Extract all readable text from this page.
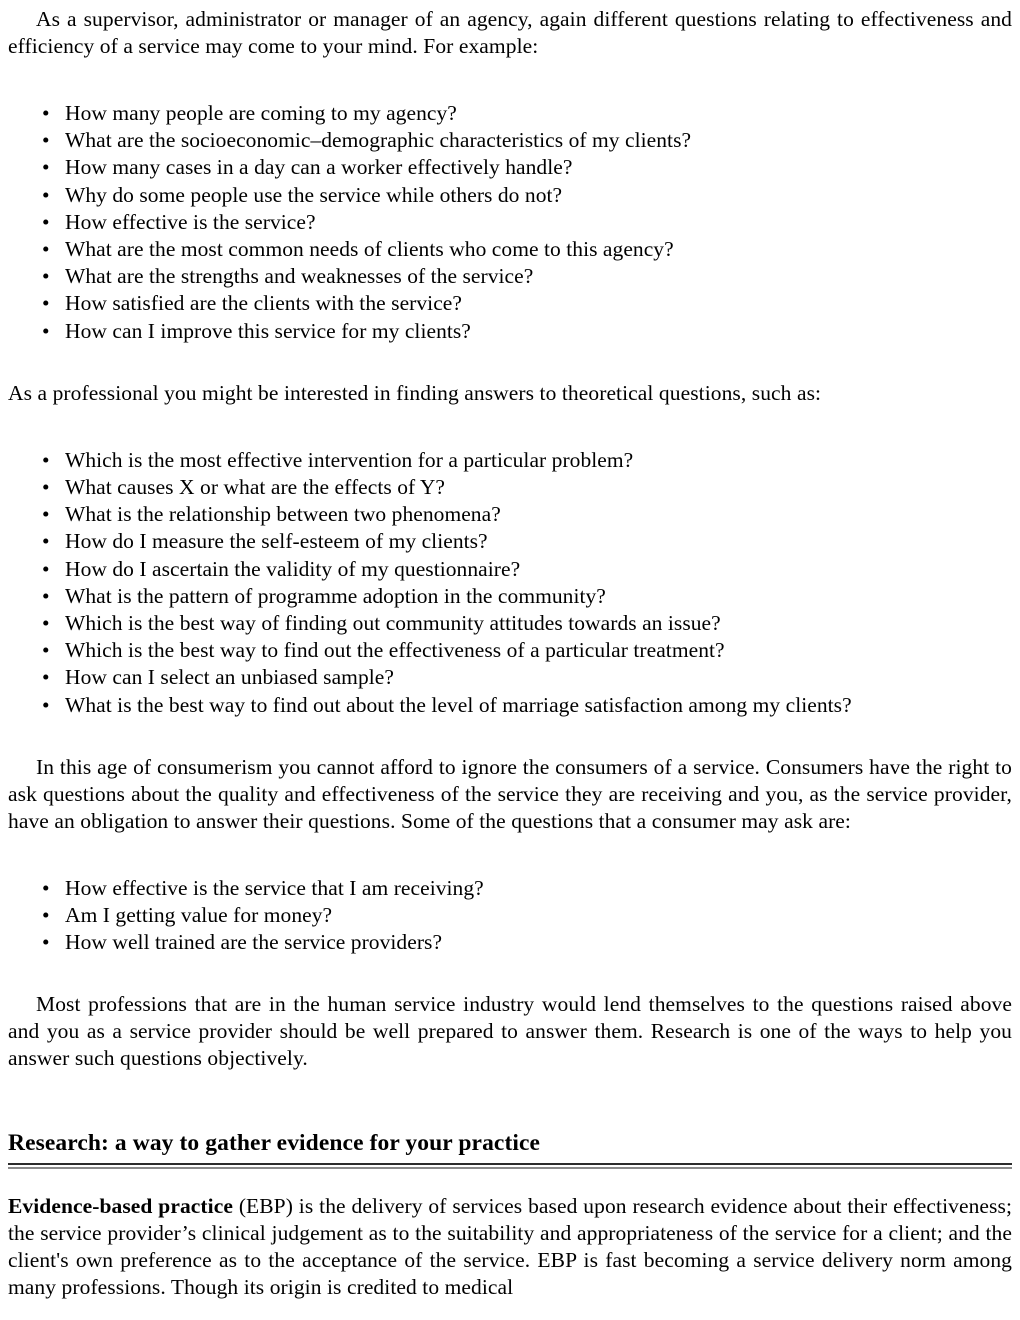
As a supervisor, administrator or manager of an agency, again different questions relating to effectiveness and efficiency of a service may come to your mind. For example:

• How many people are coming to my agency?
• What are the socioeconomic–demographic characteristics of my clients?
• How many cases in a day can a worker effectively handle?
• Why do some people use the service while others do not?
• How effective is the service?
• What are the most common needs of clients who come to this agency?
• What are the strengths and weaknesses of the service?
• How satisfied are the clients with the service?
• How can I improve this service for my clients?

As a professional you might be interested in finding answers to theoretical questions, such as:

• Which is the most effective intervention for a particular problem?
• What causes X or what are the effects of Y?
• What is the relationship between two phenomena?
• How do I measure the self-esteem of my clients?
• How do I ascertain the validity of my questionnaire?
• What is the pattern of programme adoption in the community?
• Which is the best way of finding out community attitudes towards an issue?
• Which is the best way to find out the effectiveness of a particular treatment?
• How can I select an unbiased sample?
• What is the best way to find out about the level of marriage satisfaction among my clients?

In this age of consumerism you cannot afford to ignore the consumers of a service. Consumers have the right to ask questions about the quality and effectiveness of the service they are receiving and you, as the service provider, have an obligation to answer their questions. Some of the questions that a consumer may ask are:

• How effective is the service that I am receiving?
• Am I getting value for money?
• How well trained are the service providers?

Most professions that are in the human service industry would lend themselves to the questions raised above and you as a service provider should be well prepared to answer them. Research is one of the ways to help you answer such questions objectively.

Research: a way to gather evidence for your practice

Evidence-based practice (EBP) is the delivery of services based upon research evidence about their effectiveness; the service provider’s clinical judgement as to the suitability and appropriateness of the service for a client; and the client's own preference as to the acceptance of the service. EBP is fast becoming a service delivery norm among many professions. Though its origin is credited to medical
